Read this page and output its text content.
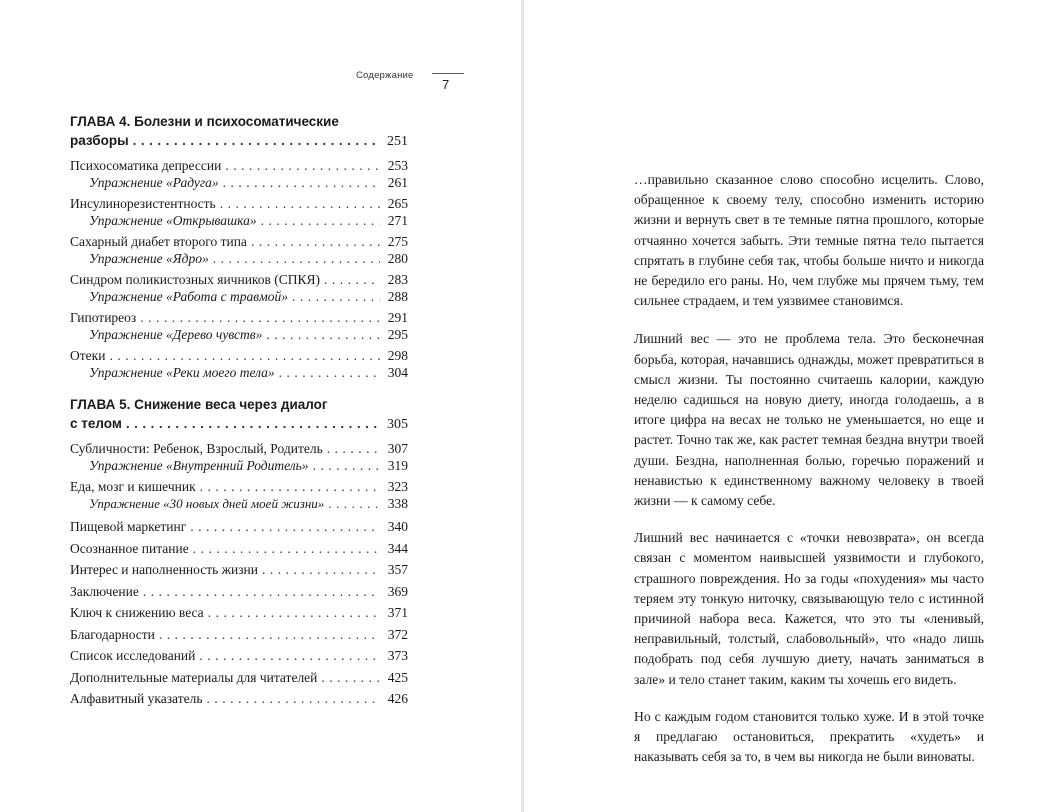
Содержание
7
ГЛАВА 4. Болезни и психосоматические
разборы .....	251
Психосоматика депрессии .....	253
Упражнение «Радуга» .....	261
Инсулинорезистентность .....	265
Упражнение «Открывашка» .....	271
Сахарный диабет второго типа .....	275
Упражнение «Ядро» .....	280
Синдром поликистозных яичников (СПКЯ) .....	283
Упражнение «Работа с травмой» .....	288
Гипотиреоз .....	291
Упражнение «Дерево чувств» .....	295
Отеки .....	298
Упражнение «Реки моего тела» .....	304
ГЛАВА 5. Снижение веса через диалог
с телом .....	305
Субличности: Ребенок, Взрослый, Родитель .....	307
Упражнение «Внутренний Родитель» .....	319
Еда, мозг и кишечник .....	323
Упражнение «30 новых дней моей жизни» .....	338
Пищевой маркетинг .....	340
Осознанное питание .....	344
Интерес и наполненность жизни .....	357
Заключение .....	369
Ключ к снижению веса .....	371
Благодарности .....	372
Список исследований .....	373
Дополнительные материалы для читателей .....	425
Алфавитный указатель .....	426

…правильно сказанное слово способно исцелить. Слово, обращенное к своему телу, способно изменить историю жизни и вернуть свет в те темные пятна прошлого, которые отчаянно хочется забыть. Эти темные пятна тело пытается спрятать в глубине себя так, чтобы больше ничто и никогда не бередило его раны. Но, чем глубже мы прячем тьму, тем сильнее страдаем, и тем уязвимее становимся.

Лишний вес — это не проблема тела. Это бесконечная борьба, которая, начавшись однажды, может превратиться в смысл жизни. Ты постоянно считаешь калории, каждую неделю садишься на новую диету, иногда голодаешь, а в итоге цифра на весах не только не уменьшается, но еще и растет. Точно так же, как растет темная бездна внутри твоей души. Бездна, наполненная болью, горечью поражений и ненавистью к единственному важному человеку в твоей жизни — к самому себе.

Лишний вес начинается с «точки невозврата», он всегда связан с моментом наивысшей уязвимости и глубокого, страшного повреждения. Но за годы «похудения» мы часто теряем эту тонкую ниточку, связывающую тело с истинной причиной набора веса. Кажется, что это ты «ленивый, неправильный, толстый, слабовольный», что «надо лишь подобрать под себя лучшую диету, начать заниматься в зале» и тело станет таким, каким ты хочешь его видеть.

Но с каждым годом становится только хуже. И в этой точке я предлагаю остановиться, прекратить «худеть» и наказывать себя за то, в чем вы никогда не были виноваты.
